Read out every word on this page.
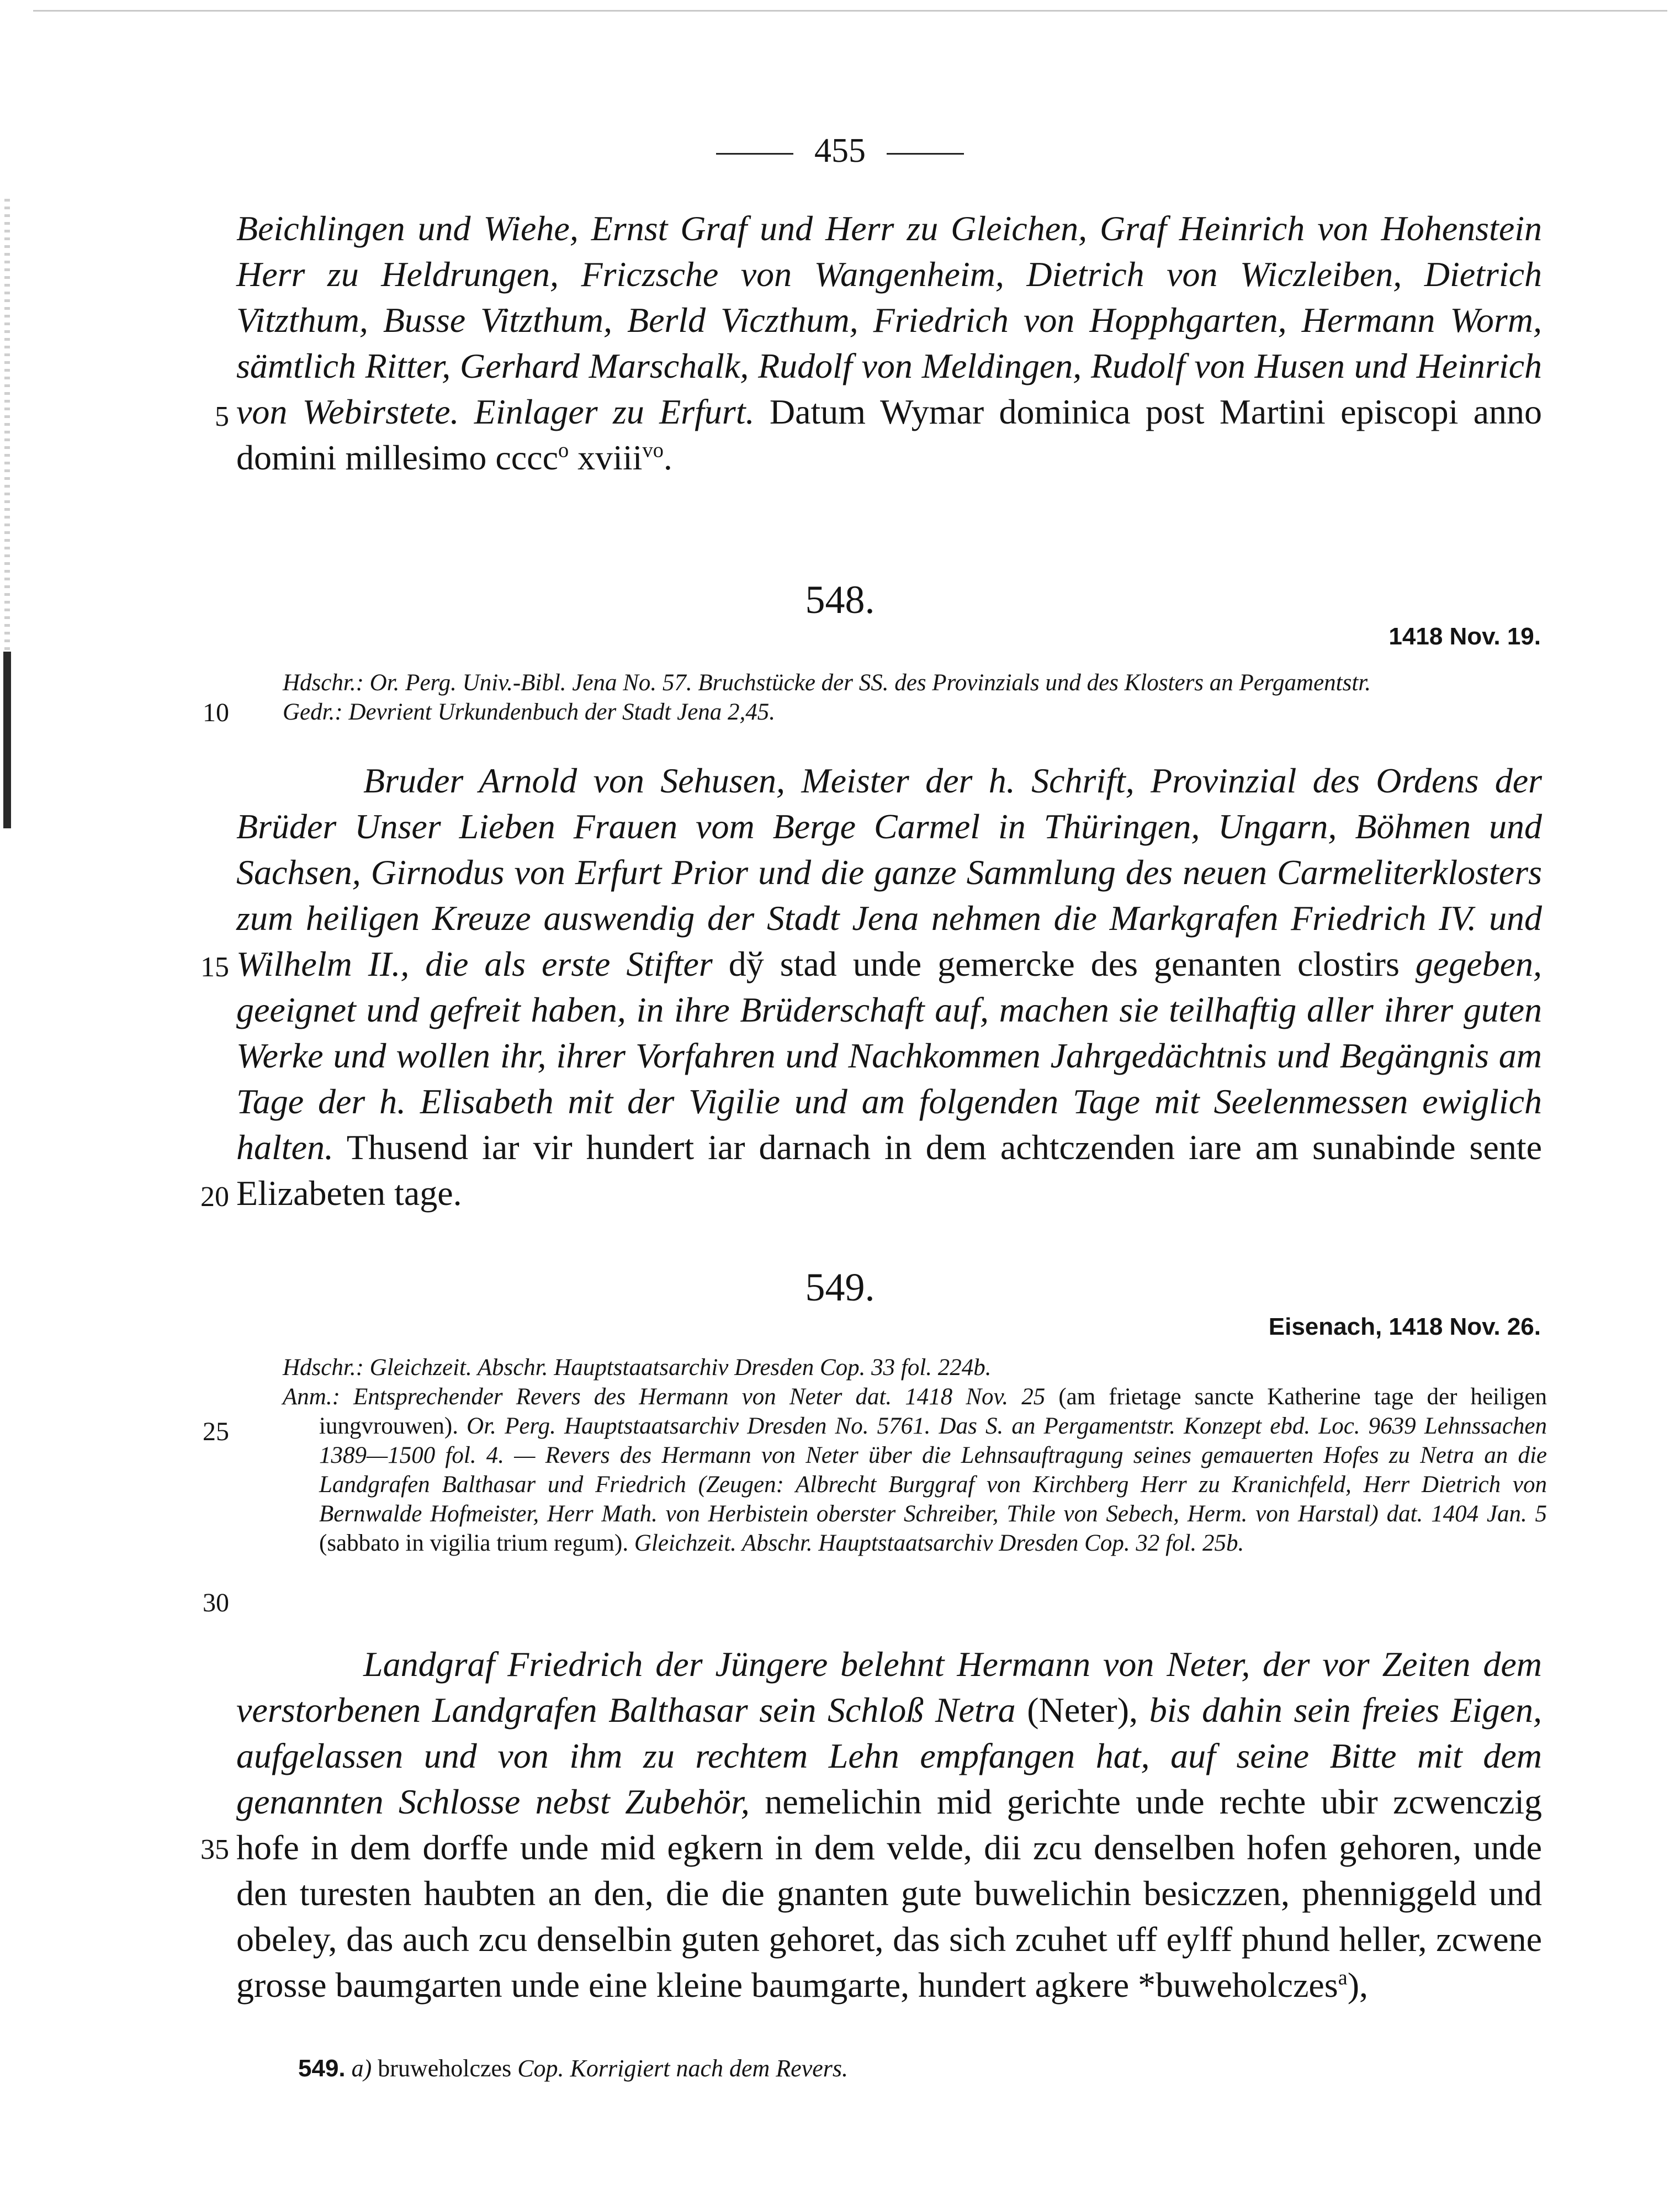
455
Beichlingen und Wiehe, Ernst Graf und Herr zu Gleichen, Graf Heinrich von Hohenstein Herr zu Heldrungen, Friczsche von Wangenheim, Dietrich von Wiczleiben, Dietrich Vitzthum, Busse Vitzthum, Berld Viczthum, Friedrich von Hopphgarten, Hermann Worm, sämtlich Ritter, Gerhard Marschalk, Rudolf von Meldingen, Rudolf von Husen und Heinrich von Webirstete. Einlager zu Erfurt. Datum Wymar dominica post Martini episcopi anno domini millesimo cccc$^o$ xviii$^{vo}$.
548.
1418 Nov. 19.

Hdschr.: Or. Perg. Univ.-Bibl. Jena No. 57. Bruchstücke der SS. des Provinzials und des Klosters an Pergamentstr.

Gedr.: Devrient Urkundenbuch der Stadt Jena 2,45.

Bruder Arnold von Sehusen, Meister der h. Schrift, Provinzial des Ordens der Brüder Unser Lieben Frauen vom Berge Carmel in Thüringen, Ungarn, Böhmen und Sachsen, Girnodus von Erfurt Prior und die ganze Sammlung des neuen Carmeliterklosters zum heiligen Kreuze auswendig der Stadt Jena nehmen die Markgrafen Friedrich IV. und Wilhelm II., die als erste Stifter dў stad unde gemercke des genanten clostirs gegeben, geeignet und gefreit haben, in ihre Brüderschaft auf, machen sie teilhaftig aller ihrer guten Werke und wollen ihr, ihrer Vorfahren und Nachkommen Jahrgedächtnis und Begängnis am Tage der h. Elisabeth mit der Vigilie und am folgenden Tage mit Seelenmessen ewiglich halten. Thusend iar vir hundert iar darnach in dem achtczenden iare am sunabinde sente Elizabeten tage.
549.
Eisenach, 1418 Nov. 26.

Hdschr.: Gleichzeit. Abschr. Hauptstaatsarchiv Dresden Cop. 33 fol. 224b.

Anm.: Entsprechender Revers des Hermann von Neter dat. 1418 Nov. 25 (am frietage sancte Katherine tage der heiligen iungvrouwen). Or. Perg. Hauptstaatsarchiv Dresden No. 5761. Das S. an Pergamentstr. Konzept ebd. Loc. 9639 Lehnssachen 1389—1500 fol. 4. — Revers des Hermann von Neter über die Lehnsauftragung seines gemauerten Hofes zu Netra an die Landgrafen Balthasar und Friedrich (Zeugen: Albrecht Burggraf von Kirchberg Herr zu Kranichfeld, Herr Dietrich von Bernwalde Hofmeister, Herr Math. von Herbistein oberster Schreiber, Thile von Sebech, Herm. von Harstal) dat. 1404 Jan. 5 (sabbato in vigilia trium regum). Gleichzeit. Abschr. Hauptstaatsarchiv Dresden Cop. 32 fol. 25b.

Landgraf Friedrich der Jüngere belehnt Hermann von Neter, der vor Zeiten dem verstorbenen Landgrafen Balthasar sein Schloß Netra (Neter), bis dahin sein freies Eigen, aufgelassen und von ihm zu rechtem Lehn empfangen hat, auf seine Bitte mit dem genannten Schlosse nebst Zubehör, nemelichin mid gerichte unde rechte ubir zcwenczig hofe in dem dorffe unde mid egkern in dem velde, dii zcu denselben hofen gehoren, unde den turesten haubten an den, die die gnanten gute buwelichin besiczzen, phenniggeld und obeley, das auch zcu denselbin guten gehoret, das sich zcuhet uff eylff phund heller, zcwene grosse baumgarten unde eine kleine baumgarte, hundert agkere *buweholczes$^a$),
5
10
15
20
25
30
35
549. a) bruweholczes Cop. Korrigiert nach dem Revers.
